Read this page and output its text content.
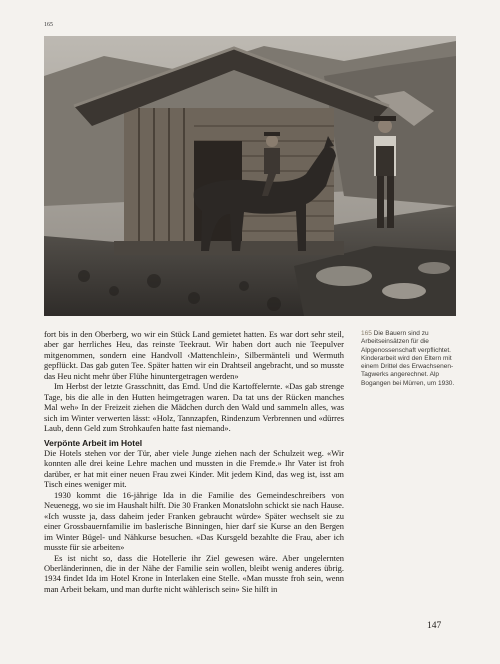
165

fort bis in den Oberberg, wo wir ein Stück Land gemietet hatten. Es war dort sehr steil, aber gar herrliches Heu, das reinste Teekraut. Wir haben dort auch nie Teepulver mitgenommen, sondern eine Handvoll ‹Mattenchlein›, Silbermänteli und Wermuth gepflückt. Das gab guten Tee. Später hatten wir ein Drahtseil angebracht, und so musste das Heu nicht mehr über Flühe hinuntergetragen werden»

Im Herbst der letzte Grasschnitt, das Emd. Und die Kartoffelernte. «Das gab strenge Tage, bis die alle in den Hutten heimgetragen waren. Da tat uns der Rücken manches Mal weh» In der Freizeit ziehen die Mädchen durch den Wald und sammeln alles, was sich im Winter verwerten lässt: «Holz, Tannzapfen, Rindenzum Verbrennen und «dürres Laub, denn Geld zum Strohkaufen hatte fast niemand».

Verpönte Arbeit im Hotel

Die Hotels stehen vor der Tür, aber viele Junge ziehen nach der Schulzeit weg. «Wir konnten alle drei keine Lehre machen und mussten in die Fremde.» Ihr Vater ist froh darüber, er hat mit einer neuen Frau zwei Kinder. Mit jedem Kind, das weg ist, isst am Tisch eines weniger mit.

1930 kommt die 16-jährige Ida in die Familie des Gemeindeschreibers von Neuenegg, wo sie im Haushalt hilft. Die 30 Franken Monatslohn schickt sie nach Hause. «Ich wusste ja, dass daheim jeder Franken gebraucht würde» Später wechselt sie zu einer Grossbauernfamilie im baslerische Binningen, hier darf sie Kurse an den Bergen im Winter Bügel- und Nähkurse besuchen. «Das Kursgeld bezahlte die Frau, aber ich musste für sie arbeiten»

Es ist nicht so, dass die Hotellerie ihr Ziel gewesen wäre. Aber ungelernten Oberländerinnen, die in der Nähe der Familie sein wollen, bleibt wenig anderes übrig. 1934 findet Ida im Hotel Krone in Interlaken eine Stelle. «Man musste froh sein, wenn man Arbeit bekam, und man durfte nicht wählerisch sein» Sie hilft in

165 Die Bauern sind zu Arbeitseinsätzen für die Alpgenossenschaft verpflichtet. Kinderarbeit wird den Eltern mit einem Drittel des Erwachsenen-Tagwerks angerechnet. Alp Bogangen bei Mürren, um 1930.
147
